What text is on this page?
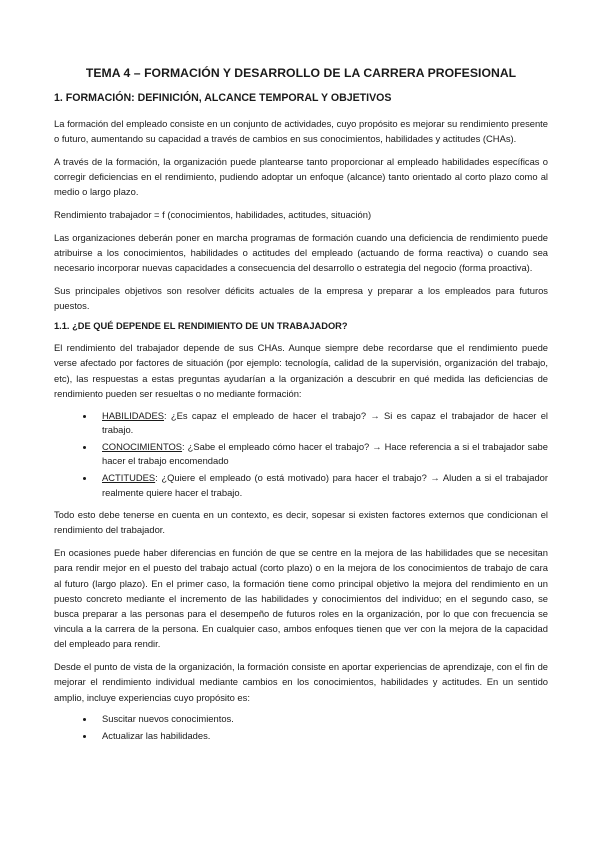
TEMA 4 – FORMACIÓN Y DESARROLLO DE LA CARRERA PROFESIONAL
1. FORMACIÓN: DEFINICIÓN, ALCANCE TEMPORAL Y OBJETIVOS

La formación del empleado consiste en un conjunto de actividades, cuyo propósito es mejorar su rendimiento presente o futuro, aumentando su capacidad a través de cambios en sus conocimientos, habilidades y actitudes (CHAs).

A través de la formación, la organización puede plantearse tanto proporcionar al empleado habilidades específicas o corregir deficiencias en el rendimiento, pudiendo adoptar un enfoque (alcance) tanto orientado al corto plazo como al medio o largo plazo.

Rendimiento trabajador = f (conocimientos, habilidades, actitudes, situación)

Las organizaciones deberán poner en marcha programas de formación cuando una deficiencia de rendimiento puede atribuirse a los conocimientos, habilidades o actitudes del empleado (actuando de forma reactiva) o cuando sea necesario incorporar nuevas capacidades a consecuencia del desarrollo o estrategia del negocio (forma proactiva).

Sus principales objetivos son resolver déficits actuales de la empresa y preparar a los empleados para futuros puestos.

1.1. ¿DE QUÉ DEPENDE EL RENDIMIENTO DE UN TRABAJADOR?

El rendimiento del trabajador depende de sus CHAs. Aunque siempre debe recordarse que el rendimiento puede verse afectado por factores de situación (por ejemplo: tecnología, calidad de la supervisión, organización del trabajo, etc), las respuestas a estas preguntas ayudarían a la organización a descubrir en qué medida las deficiencias de rendimiento pueden ser resueltas o no mediante formación:

• HABILIDADES: ¿Es capaz el empleado de hacer el trabajo? → Si es capaz el trabajador de hacer el trabajo.
• CONOCIMIENTOS: ¿Sabe el empleado cómo hacer el trabajo? → Hace referencia a si el trabajador sabe hacer el trabajo encomendado
• ACTITUDES: ¿Quiere el empleado (o está motivado) para hacer el trabajo? → Aluden a si el trabajador realmente quiere hacer el trabajo.

Todo esto debe tenerse en cuenta en un contexto, es decir, sopesar si existen factores externos que condicionan el rendimiento del trabajador.

En ocasiones puede haber diferencias en función de que se centre en la mejora de las habilidades que se necesitan para rendir mejor en el puesto del trabajo actual (corto plazo) o en la mejora de los conocimientos de trabajo de cara al futuro (largo plazo). En el primer caso, la formación tiene como principal objetivo la mejora del rendimiento en un puesto concreto mediante el incremento de las habilidades y conocimientos del individuo; en el segundo caso, se busca preparar a las personas para el desempeño de futuros roles en la organización, por lo que con frecuencia se vincula a la carrera de la persona. En cualquier caso, ambos enfoques tienen que ver con la mejora de la capacidad del empleado para rendir.

Desde el punto de vista de la organización, la formación consiste en aportar experiencias de aprendizaje, con el fin de mejorar el rendimiento individual mediante cambios en los conocimientos, habilidades y actitudes. En un sentido amplio, incluye experiencias cuyo propósito es:

• Suscitar nuevos conocimientos.
• Actualizar las habilidades.
